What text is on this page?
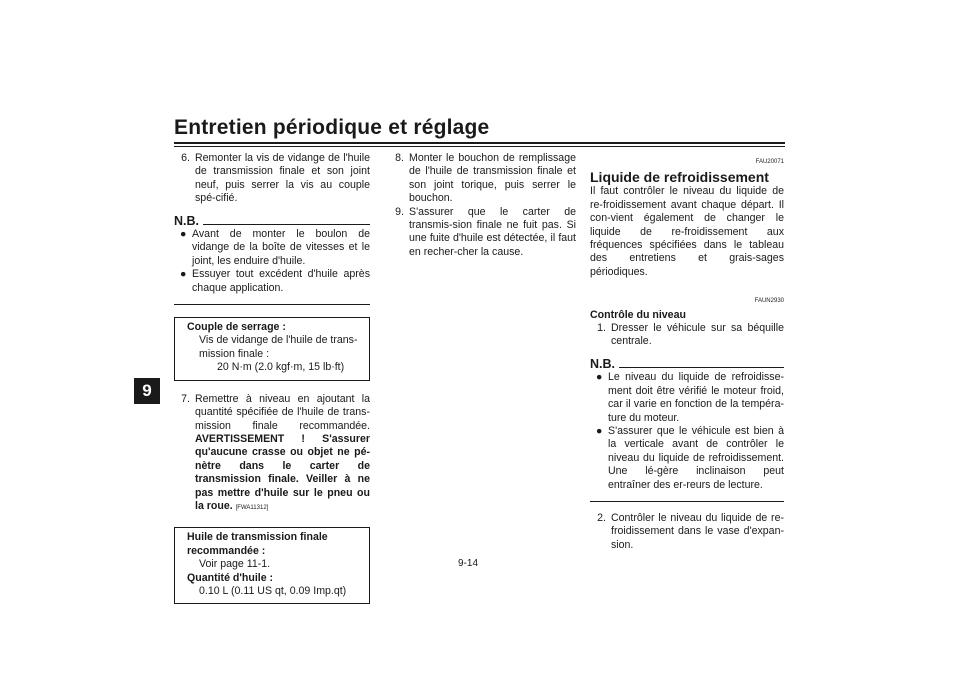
Entretien périodique et réglage
9
6. Remonter la vis de vidange de l'huile de transmission finale et son joint neuf, puis serrer la vis au couple spé-cifié.
N.B.
● Avant de monter le boulon de vidange de la boîte de vitesses et le joint, les enduire d'huile.
● Essuyer tout excédent d'huile après chaque application.
Couple de serrage :
Vis de vidange de l'huile de trans-
mission finale :
20 N·m (2.0 kgf·m, 15 lb·ft)
7. Remettre à niveau en ajoutant la quantité spécifiée de l'huile de trans-mission finale recommandée. AVERTISSEMENT ! S'assurer qu'aucune crasse ou objet ne pé-nètre dans le carter de transmission finale. Veiller à ne pas mettre d'huile sur le pneu ou la roue. [FWA11312]
Huile de transmission finale
recommandée :
Voir page 11-1.
Quantité d'huile :
0.10 L (0.11 US qt, 0.09 Imp.qt)
8. Monter le bouchon de remplissage de l'huile de transmission finale et son joint torique, puis serrer le bouchon.
9. S'assurer que le carter de transmis-sion finale ne fuit pas. Si une fuite d'huile est détectée, il faut en recher-cher la cause.
FAU20071
Liquide de refroidissement
Il faut contrôler le niveau du liquide de re-froidissement avant chaque départ. Il con-vient également de changer le liquide de re-froidissement aux fréquences spécifiées dans le tableau des entretiens et grais-sages périodiques.
FAUN2930
Contrôle du niveau
1. Dresser le véhicule sur sa béquille centrale.
N.B.
● Le niveau du liquide de refroidisse-ment doit être vérifié le moteur froid, car il varie en fonction de la tempéra-ture du moteur.
● S'assurer que le véhicule est bien à la verticale avant de contrôler le niveau du liquide de refroidissement. Une lé-gère inclinaison peut entraîner des er-reurs de lecture.
2. Contrôler le niveau du liquide de re-froidissement dans le vase d'expan-sion.
9-14
